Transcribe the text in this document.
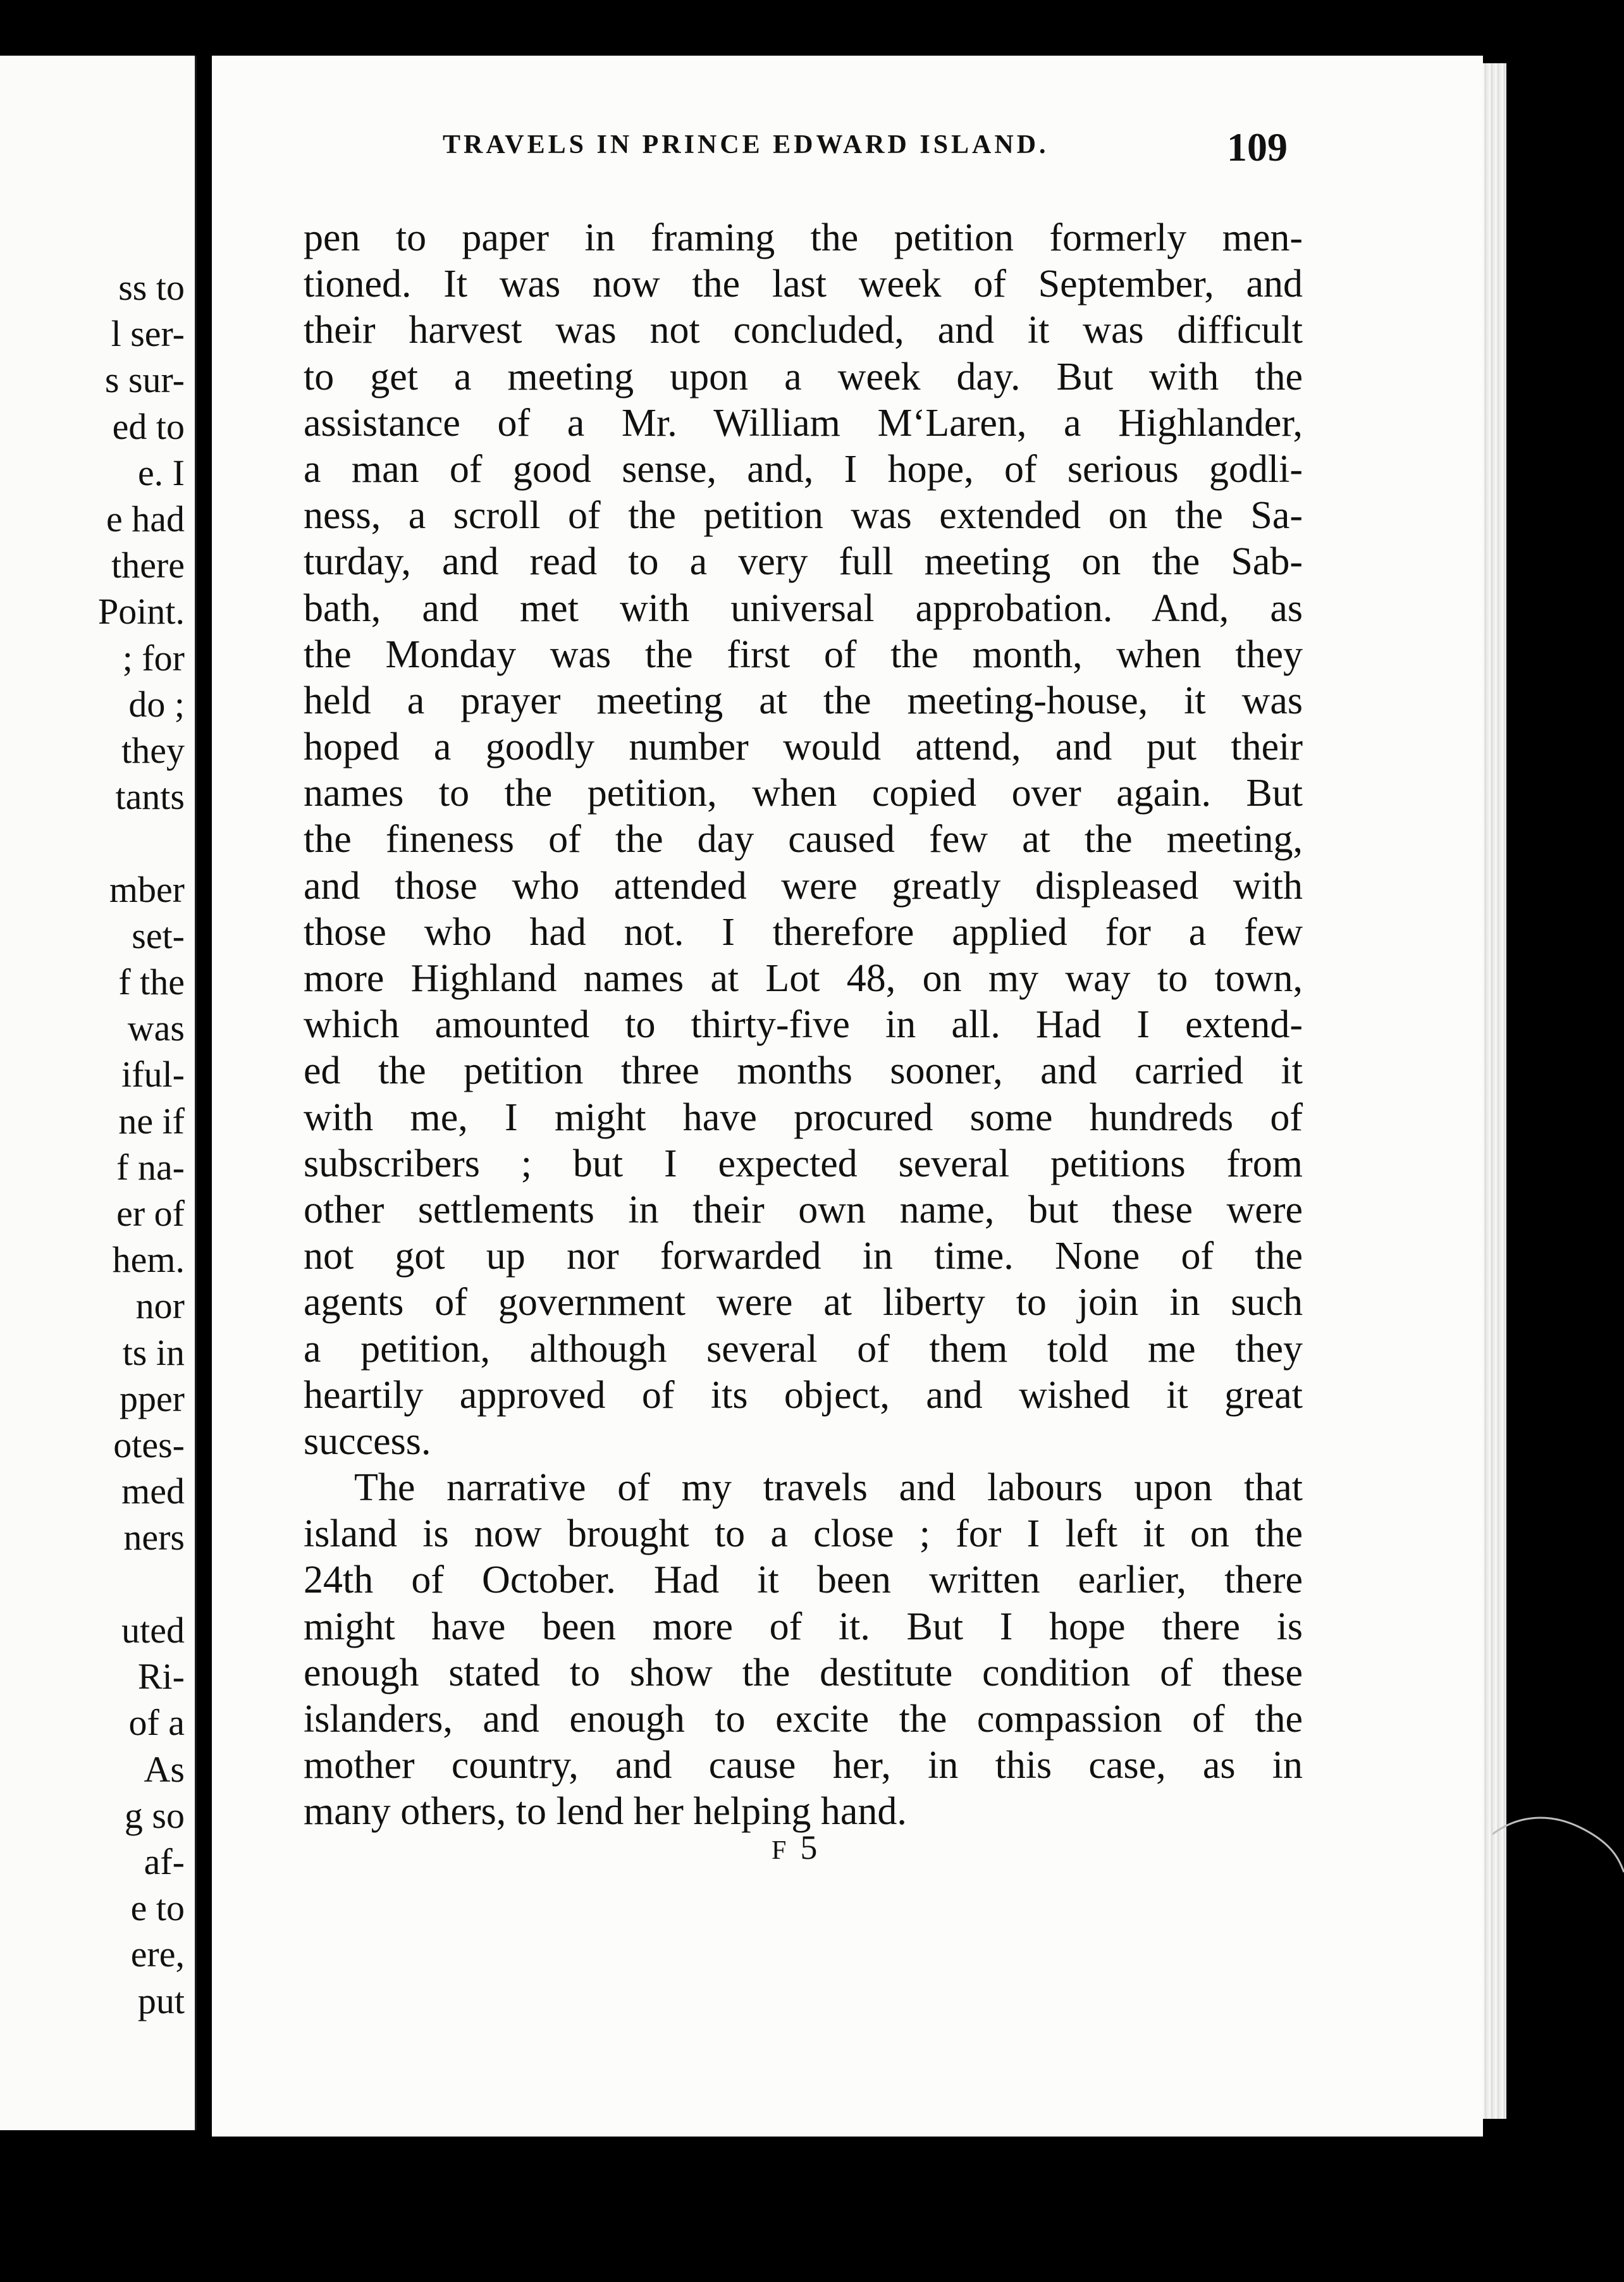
ss to
l ser-
s sur-
ed to
e. I
e had
there
Point.
; for
do ;
they
tants

mber
set-
f the
was
iful-
ne if
f na-
er of
hem.
nor
ts in
pper
otes-
med
ners

uted
Ri-
of a
As
g so
af-
e to
ere,
put
TRAVELS IN PRINCE EDWARD ISLAND.	109
pen to paper in framing the petition formerly men-
tioned. It was now the last week of September, and
their harvest was not concluded, and it was difficult
to get a meeting upon a week day. But with the
assistance of a Mr. William M‘Laren, a Highlander,
a man of good sense, and, I hope, of serious godli-
ness, a scroll of the petition was extended on the Sa-
turday, and read to a very full meeting on the Sab-
bath, and met with universal approbation. And, as
the Monday was the first of the month, when they
held a prayer meeting at the meeting-house, it was
hoped a goodly number would attend, and put their
names to the petition, when copied over again. But
the fineness of the day caused few at the meeting,
and those who attended were greatly displeased with
those who had not. I therefore applied for a few
more Highland names at Lot 48, on my way to town,
which amounted to thirty-five in all. Had I extend-
ed the petition three months sooner, and carried it
with me, I might have procured some hundreds of
subscribers ; but I expected several petitions from
other settlements in their own name, but these were
not got up nor forwarded in time. None of the
agents of government were at liberty to join in such
a petition, although several of them told me they
heartily approved of its object, and wished it great
success.
The narrative of my travels and labours upon that
island is now brought to a close ; for I left it on the
24th of October. Had it been written earlier, there
might have been more of it. But I hope there is
enough stated to show the destitute condition of these
islanders, and enough to excite the compassion of the
mother country, and cause her, in this case, as in
many others, to lend her helping hand.
F 5
